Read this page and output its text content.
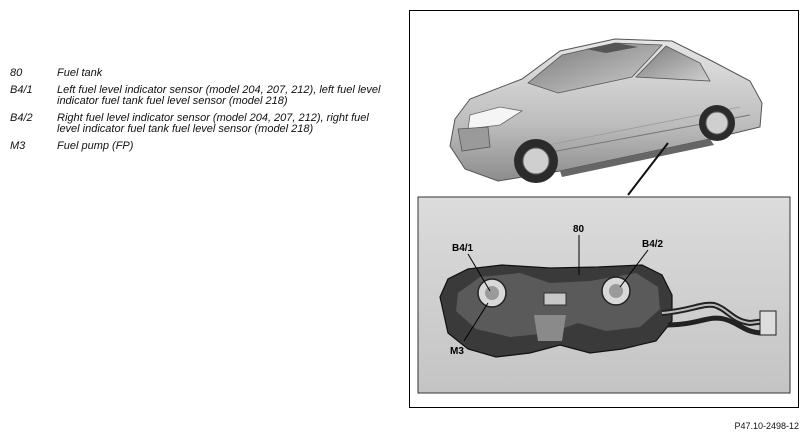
80	Fuel tank
B4/1	Left fuel level indicator sensor (model 204, 207, 212), left fuel level indicator fuel tank fuel level sensor (model 218)
B4/2	Right fuel level indicator sensor (model 204, 207, 212), right fuel level indicator fuel tank fuel level sensor (model 218)
M3	Fuel pump (FP)
80
B4/1	B4/2
M3
P47.10-2498-12
